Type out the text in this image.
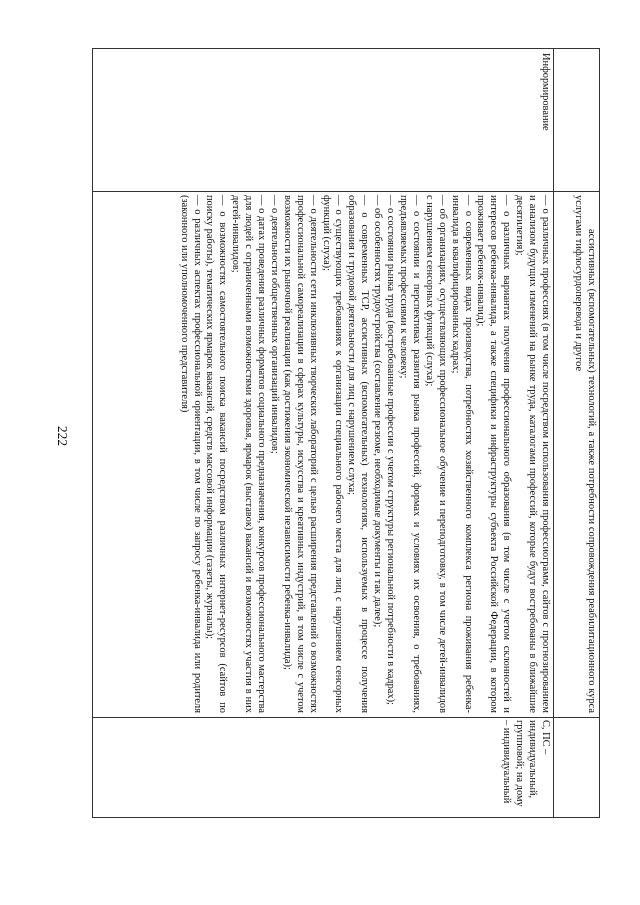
222	ассистивных (вспомогательных) технологий, а также потребности сопровождения реабилитационного курса услугами тифлосурдоперевода и другое
Информирование

— о различных профессиях (в том числе посредством использования профессиограмм, сайтов с прогнозированием и анализом будущих изменений на рынке труда, каталогами профессий, которые будут востребованы в ближайшие десятилетия);

— о различных вариантах получения профессионального образования (в том числе с учетом склонностей и интересов ребенка-инвалида, а также специфики и инфраструктуры субъекта Российской Федерации, в котором проживает ребенок-инвалид);

— о современных видах производства, потребностях хозяйственного комплекса региона проживания ребенка-инвалида в квалифицированных кадрах;

— об организациях, осуществляющих профессиональное обучение и переподготовку, в том числе детей-инвалидов с нарушением сенсорных функций (слуха);

— о состоянии и перспективах развития рынка профессий, формах и условиях их освоения, о требованиях, предъявляемых профессиями к человеку;

— о состоянии рынка труда (востребованные профессии с учетом структуры региональной потребности в кадрах);

— об особенностях трудоустройства (составление резюме, необходимые документы и так далее);

— о современных ТСР, ассистивных (вспомогательных) технологиях, используемых в процессе получения образования и трудовой деятельности для лиц с нарушением слуха;

— о существующих требованиях к организации специального рабочего места для лиц с нарушением сенсорных функций (слуха);

— о деятельности сети инклюзивных творческих лабораторий с целью расширения представлений о возможностях профессиональной самореализации в сферах культуры, искусства и креативных индустрий, в том числе с учетом возможности их рыночной реализации (как достижения экономической независимости ребенка-инвалида);

— о деятельности общественных организаций инвалидов;

— о датах проведения различных форматов социального предназначения, конкурсов профессионального мастерства для людей с ограниченными возможностями здоровья, ярмарок (выставок) вакансий и возможностях участия в них детей-инвалидов;

— о возможностях самостоятельного поиска вакансий посредством различных интернет-ресурсов (сайтов по поиску работы), тематических ярмарок вакансий, средств массовой информации (газеты, журналы);

— о различных аспектах профессиональной ориентации, в том числе по запросу ребенка-инвалида или родителя (законного или уполномоченного представителя)

С, ПС – индивидуальный, групповой; на дому – индивидуальный
